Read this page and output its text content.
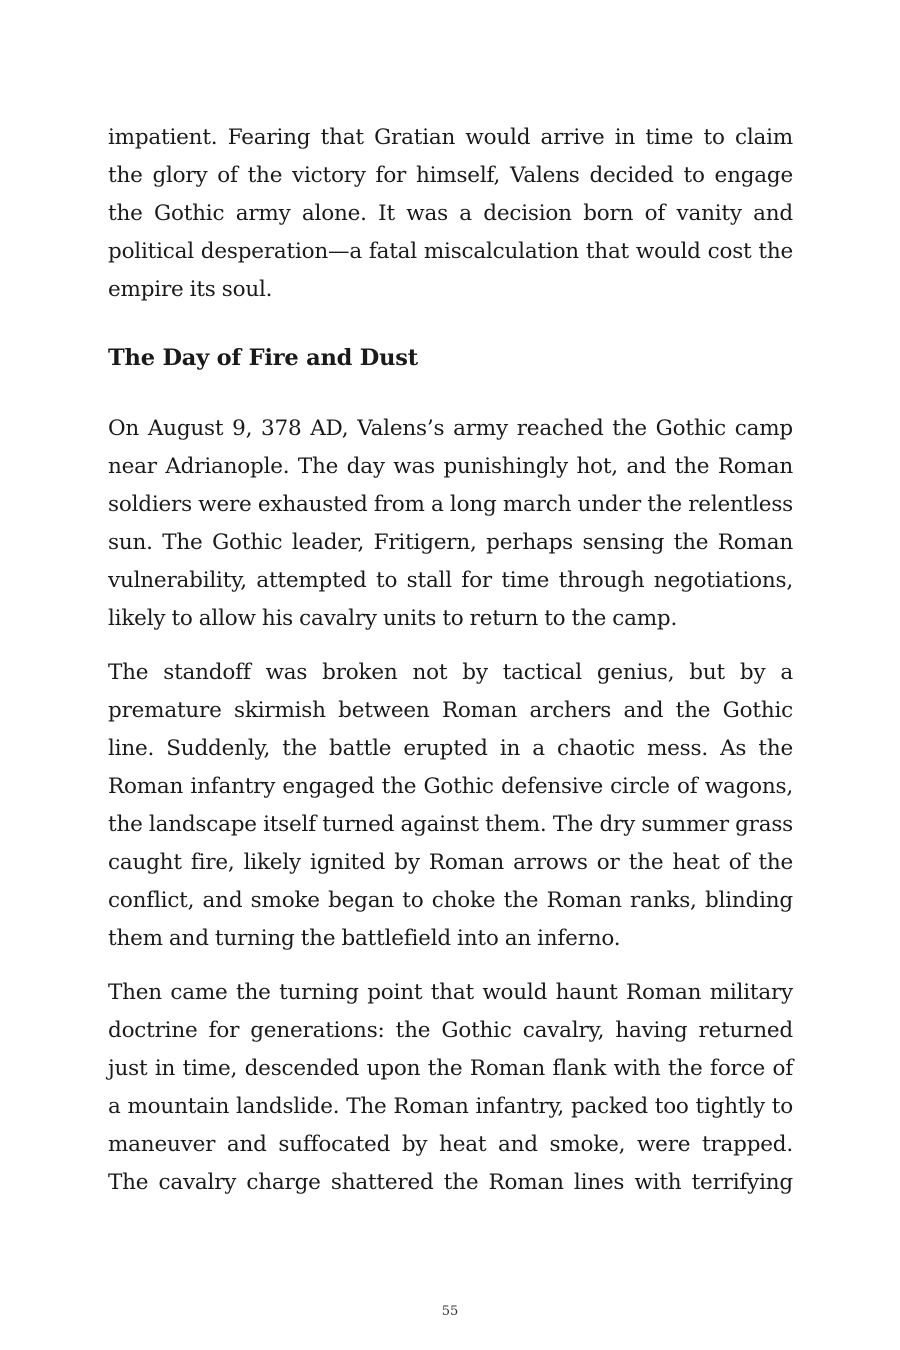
impatient. Fearing that Gratian would arrive in time to claim the glory of the victory for himself, Valens decided to engage the Gothic army alone. It was a decision born of vanity and political desperation—a fatal miscalculation that would cost the empire its soul.

The Day of Fire and Dust

On August 9, 378 AD, Valens’s army reached the Gothic camp near Adrianople. The day was punishingly hot, and the Roman soldiers were exhausted from a long march under the relentless sun. The Gothic leader, Fritigern, perhaps sensing the Roman vulnerability, attempted to stall for time through negotiations, likely to allow his cavalry units to return to the camp.

The standoff was broken not by tactical genius, but by a premature skirmish between Roman archers and the Gothic line. Suddenly, the battle erupted in a chaotic mess. As the Roman infantry engaged the Gothic defensive circle of wagons, the landscape itself turned against them. The dry summer grass caught fire, likely ignited by Roman arrows or the heat of the conflict, and smoke began to choke the Roman ranks, blinding them and turning the battlefield into an inferno.

Then came the turning point that would haunt Roman military doctrine for generations: the Gothic cavalry, having returned just in time, descended upon the Roman flank with the force of a mountain landslide. The Roman infantry, packed too tightly to maneuver and suffocated by heat and smoke, were trapped. The cavalry charge shattered the Roman lines with terrifying

55
